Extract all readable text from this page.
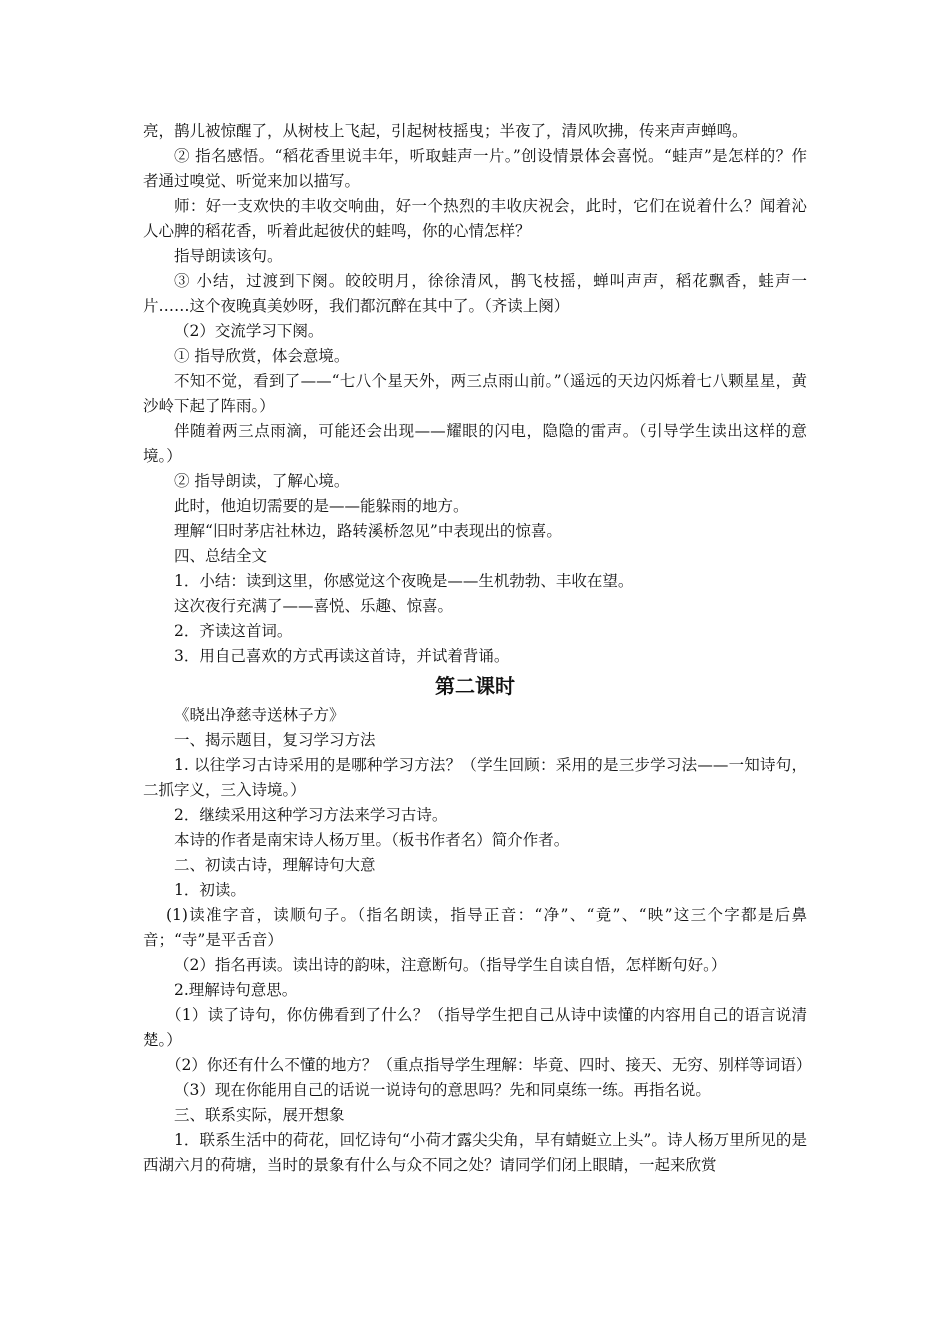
亮，鹊儿被惊醒了，从树枝上飞起，引起树枝摇曳；半夜了，清风吹拂，传来声声蝉鸣。

② 指名感悟。“稻花香里说丰年，听取蛙声一片。”创设情景体会喜悦。“蛙声”是怎样的？作者通过嗅觉、听觉来加以描写。

师：好一支欢快的丰收交响曲，好一个热烈的丰收庆祝会，此时，它们在说着什么？闻着沁人心脾的稻花香，听着此起彼伏的蛙鸣，你的心情怎样？

指导朗读该句。

③ 小结，过渡到下阕。皎皎明月，徐徐清风，鹊飞枝摇，蝉叫声声，稻花飘香，蛙声一片……这个夜晚真美妙呀，我们都沉醉在其中了。（齐读上阕）

（2）交流学习下阕。

① 指导欣赏，体会意境。

不知不觉，看到了——“七八个星天外，两三点雨山前。”（遥远的天边闪烁着七八颗星星，黄沙岭下起了阵雨。）

伴随着两三点雨滴，可能还会出现——耀眼的闪电，隐隐的雷声。（引导学生读出这样的意境。）

② 指导朗读，了解心境。

此时，他迫切需要的是——能躲雨的地方。

理解“旧时茅店社林边，路转溪桥忽见”中表现出的惊喜。

四、总结全文

1．小结：读到这里，你感觉这个夜晚是——生机勃勃、丰收在望。

这次夜行充满了——喜悦、乐趣、惊喜。

2．齐读这首词。

3．用自己喜欢的方式再读这首诗，并试着背诵。

第二课时

《晓出净慈寺送林子方》

一、揭示题目，复习学习方法

1. 以往学习古诗采用的是哪种学习方法？（学生回顾：采用的是三步学习法——一知诗句，二抓字义，三入诗境。）

2．继续采用这种学习方法来学习古诗。

本诗的作者是南宋诗人杨万里。（板书作者名）简介作者。

二、初读古诗，理解诗句大意

1．初读。

(1)读准字音，读顺句子。（指名朗读，指导正音：“净”、“竟”、“映”这三个字都是后鼻音；“寺”是平舌音）

（2）指名再读。读出诗的韵味，注意断句。（指导学生自读自悟，怎样断句好。）

2.理解诗句意思。

（1）读了诗句，你仿佛看到了什么？（指导学生把自己从诗中读懂的内容用自己的语言说清楚。）

（2）你还有什么不懂的地方？（重点指导学生理解：毕竟、四时、接天、无穷、别样等词语）

（3）现在你能用自己的话说一说诗句的意思吗？先和同桌练一练。再指名说。

三、联系实际，展开想象

1．联系生活中的荷花，回忆诗句“小荷才露尖尖角，早有蜻蜓立上头”。诗人杨万里所见的是西湖六月的荷塘，当时的景象有什么与众不同之处？请同学们闭上眼睛，一起来欣赏
